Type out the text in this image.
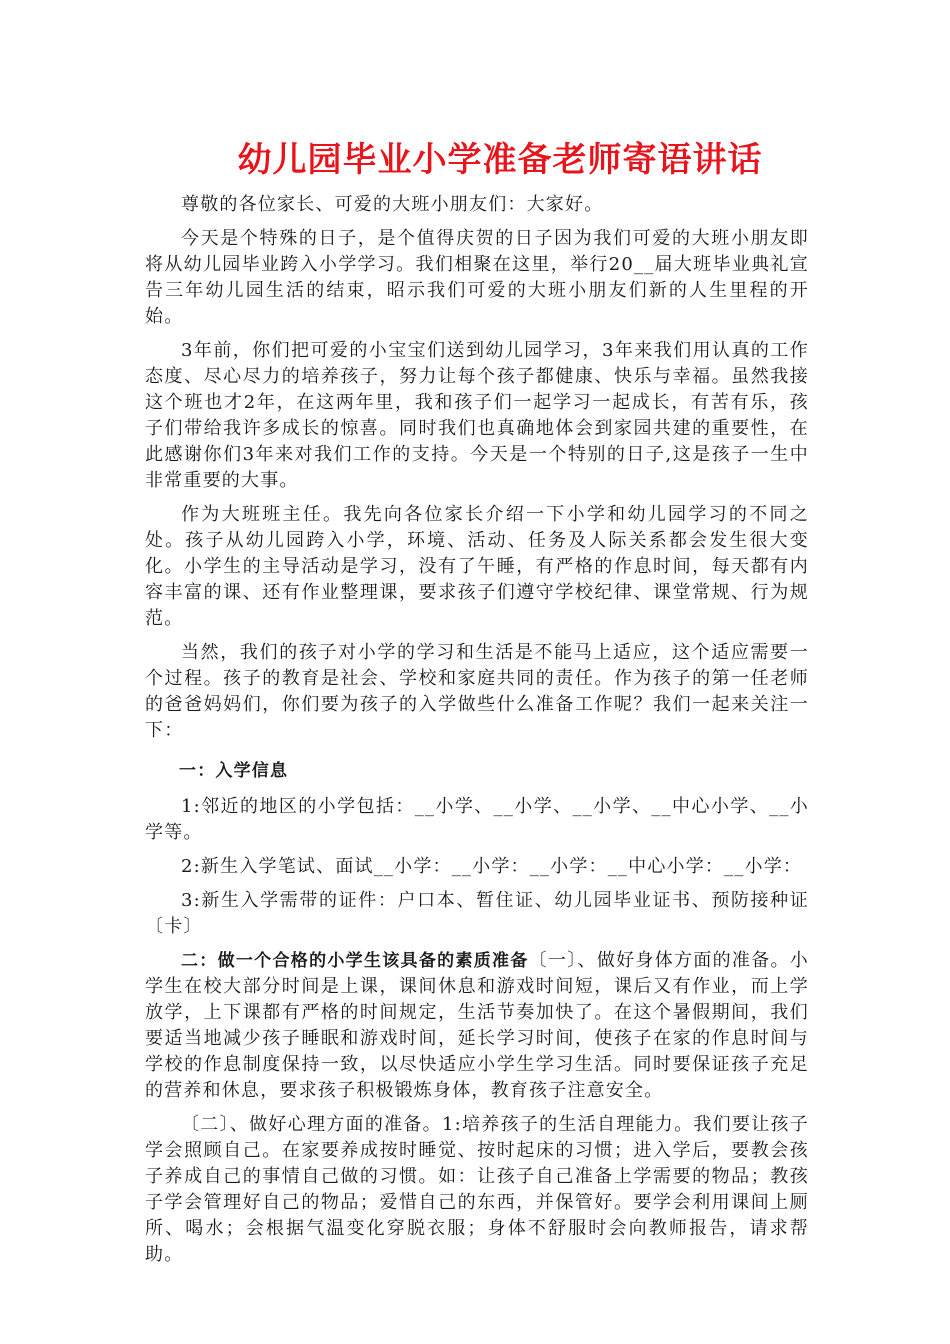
幼儿园毕业小学准备老师寄语讲话

尊敬的各位家长、可爱的大班小朋友们：大家好。

今天是个特殊的日子，是个值得庆贺的日子因为我们可爱的大班小朋友即将从幼儿园毕业跨入小学学习。我们相聚在这里，举行20__届大班毕业典礼宣告三年幼儿园生活的结束，昭示我们可爱的大班小朋友们新的人生里程的开始。

3年前，你们把可爱的小宝宝们送到幼儿园学习，3年来我们用认真的工作态度、尽心尽力的培养孩子，努力让每个孩子都健康、快乐与幸福。虽然我接这个班也才2年，在这两年里，我和孩子们一起学习一起成长，有苦有乐，孩子们带给我许多成长的惊喜。同时我们也真确地体会到家园共建的重要性，在此感谢你们3年来对我们工作的支持。今天是一个特别的日子,这是孩子一生中非常重要的大事。

作为大班班主任。我先向各位家长介绍一下小学和幼儿园学习的不同之处。孩子从幼儿园跨入小学，环境、活动、任务及人际关系都会发生很大变化。小学生的主导活动是学习，没有了午睡，有严格的作息时间，每天都有内容丰富的课、还有作业整理课，要求孩子们遵守学校纪律、课堂常规、行为规范。

当然，我们的孩子对小学的学习和生活是不能马上适应，这个适应需要一个过程。孩子的教育是社会、学校和家庭共同的责任。作为孩子的第一任老师的爸爸妈妈们，你们要为孩子的入学做些什么准备工作呢？我们一起来关注一下：

一：入学信息

1:邻近的地区的小学包括：__小学、__小学、__小学、__中心小学、__小学等。

2:新生入学笔试、面试__小学：__小学：__小学：__中心小学：__小学：

3:新生入学需带的证件：户口本、暂住证、幼儿园毕业证书、预防接种证〔卡〕

二：做一个合格的小学生该具备的素质准备〔一〕、做好身体方面的准备。小学生在校大部分时间是上课，课间休息和游戏时间短，课后又有作业，而上学放学，上下课都有严格的时间规定，生活节奏加快了。在这个暑假期间，我们要适当地减少孩子睡眠和游戏时间，延长学习时间，使孩子在家的作息时间与学校的作息制度保持一致，以尽快适应小学生学习生活。同时要保证孩子充足的营养和休息，要求孩子积极锻炼身体，教育孩子注意安全。

〔二〕、做好心理方面的准备。1:培养孩子的生活自理能力。我们要让孩子学会照顾自己。在家要养成按时睡觉、按时起床的习惯；进入学后，要教会孩子养成自己的事情自己做的习惯。如：让孩子自己准备上学需要的物品；教孩子学会管理好自己的物品；爱惜自己的东西，并保管好。要学会利用课间上厕所、喝水；会根据气温变化穿脱衣服；身体不舒服时会向教师报告，请求帮助。
